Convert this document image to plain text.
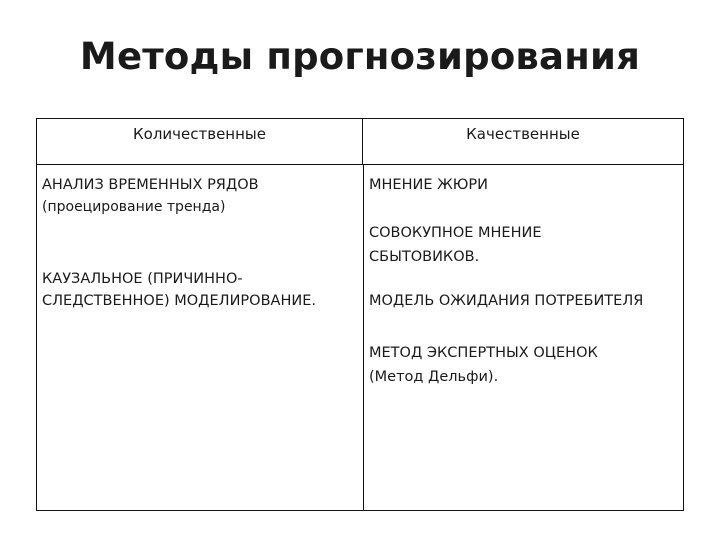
Методы прогнозирования
Количественные	Качественные
АНАЛИЗ ВРЕМЕННЫХ РЯДОВ
(проецирование тренда)
КАУЗАЛЬНОЕ (ПРИЧИННО-
СЛЕДСТВЕННОЕ) МОДЕЛИРОВАНИЕ.
МНЕНИЕ ЖЮРИ
СОВОКУПНОЕ МНЕНИЕ
СБЫТОВИКОВ.
МОДЕЛЬ ОЖИДАНИЯ ПОТРЕБИТЕЛЯ
МЕТОД ЭКСПЕРТНЫХ ОЦЕНОК
(Метод Дельфи).
